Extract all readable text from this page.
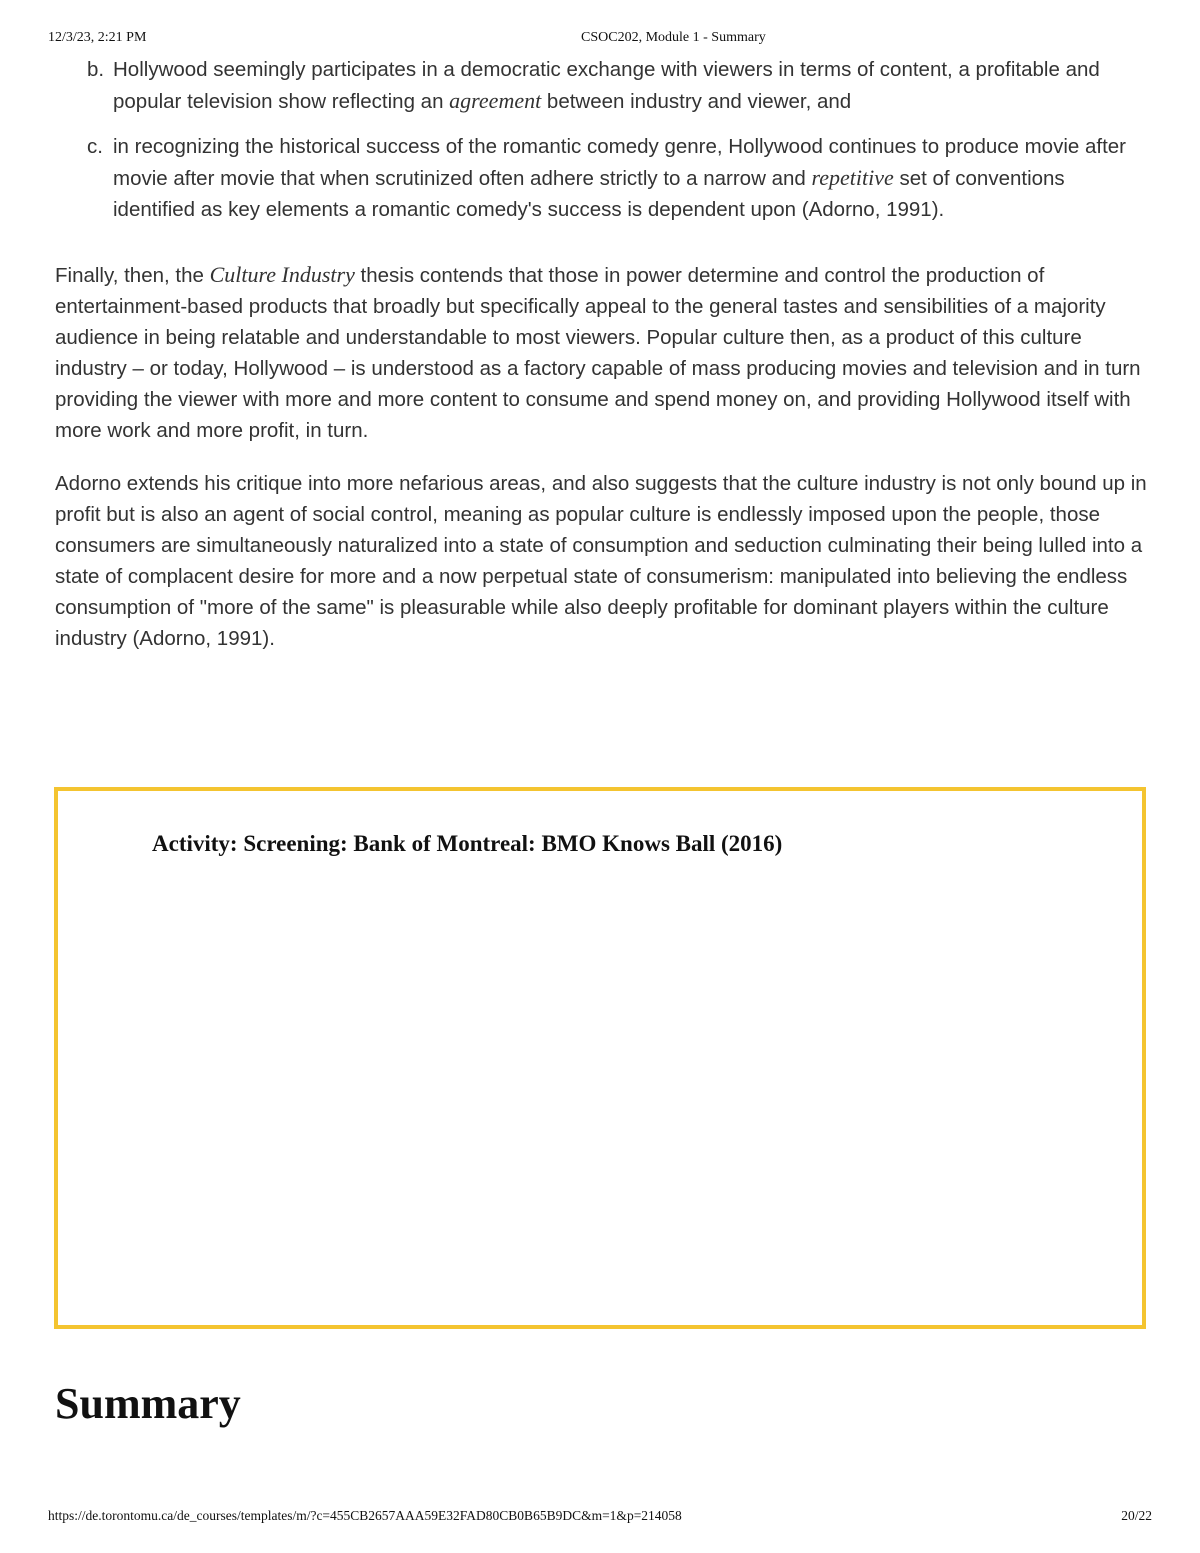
12/3/23, 2:21 PM	CSOC202, Module 1 - Summary
b. Hollywood seemingly participates in a democratic exchange with viewers in terms of content, a profitable and popular television show reflecting an agreement between industry and viewer, and
c. in recognizing the historical success of the romantic comedy genre, Hollywood continues to produce movie after movie after movie that when scrutinized often adhere strictly to a narrow and repetitive set of conventions identified as key elements a romantic comedy's success is dependent upon (Adorno, 1991).

Finally, then, the Culture Industry thesis contends that those in power determine and control the production of entertainment-based products that broadly but specifically appeal to the general tastes and sensibilities of a majority audience in being relatable and understandable to most viewers. Popular culture then, as a product of this culture industry – or today, Hollywood – is understood as a factory capable of mass producing movies and television and in turn providing the viewer with more and more content to consume and spend money on, and providing Hollywood itself with more work and more profit, in turn.

Adorno extends his critique into more nefarious areas, and also suggests that the culture industry is not only bound up in profit but is also an agent of social control, meaning as popular culture is endlessly imposed upon the people, those consumers are simultaneously naturalized into a state of consumption and seduction culminating their being lulled into a state of complacent desire for more and a now perpetual state of consumerism: manipulated into believing the endless consumption of "more of the same" is pleasurable while also deeply profitable for dominant players within the culture industry (Adorno, 1991).

Activity: Screening: Bank of Montreal: BMO Knows Ball (2016)
Summary
https://de.torontomu.ca/de_courses/templates/m/?c=455CB2657AAA59E32FAD80CB0B65B9DC&m=1&p=214058	20/22
